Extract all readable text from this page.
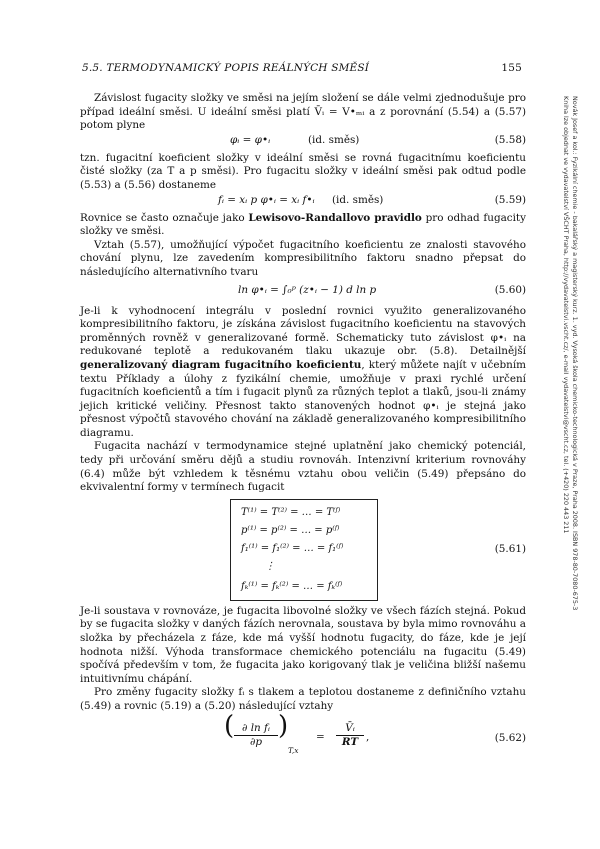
5.5. TERMODYNAMICKÝ POPIS REÁLNÝCH SMĚSÍ	155
Novák Josef a kol.: Fyzikální chemie - bakalářský a magisterský kurz. 1. vyd. Vysoká škola chemicko-technologická v Praze, Praha 2008. ISBN 978-80-7080-675-3
Kniha lze objednat ve vydavatelství VŠCHT Praha, http://vydavatelstvi.vscht.cz/, e-mail vydavatelstvi@vscht.cz, tel. (+420) 220 443 211

Závislost fugacity složky ve směsi na jejím složení se dále velmi zjednodušuje pro případ ideální směsi. U ideální směsi platí V̄ᵢ = V•ₘᵢ a z porovnání (5.54) a (5.57) potom plyne

φᵢ = φ•ᵢ	(id. směs)	(5.58)

tzn. fugacitní koeficient složky v ideální směsi se rovná fugacitnímu koeficientu čisté složky (za T a p směsi). Pro fugacitu složky v ideální směsi pak odtud podle (5.53) a (5.56) dostaneme

fᵢ = xᵢ p φ•ᵢ = xᵢ f•ᵢ (id. směs)	(5.59)

Rovnice se často označuje jako Lewisovo-Randallovo pravidlo pro odhad fugacity složky ve směsi.

Vztah (5.57), umožňující výpočet fugacitního koeficientu ze znalosti stavového chování plynu, lze zavedením kompresibilitního faktoru snadno přepsat do následujícího alternativního tvaru

ln φ•ᵢ = ∫₀ᵖ (z•ᵢ − 1) d ln p	(5.60)

Je-li k vyhodnocení integrálu v poslední rovnici využito generalizovaného kompresibilitního faktoru, je získána závislost fugacitního koeficientu na stavových proměnných rovněž v generalizované formě. Schematicky tuto závislost φ•ᵢ na redukované teplotě a redukovaném tlaku ukazuje obr. (5.8). Detailnější generalizovaný diagram fugacitního koeficientu, který můžete najít v učebním textu Příklady a úlohy z fyzikální chemie, umožňuje v praxi rychlé určení fugacitních koeficientů a tím i fugacit plynů za různých teplot a tlaků, jsou-li známy jejich kritické veličiny. Přesnost takto stanovených hodnot φ•ᵢ je stejná jako přesnost výpočtů stavového chování na základě generalizovaného kompresibilitního diagramu.

Fugacita nachází v termodynamice stejné uplatnění jako chemický potenciál, tedy při určování směru dějů a studiu rovnováh. Intenzivní kriterium rovnováhy (6.4) může být vzhledem k těsnému vztahu obou veličin (5.49) přepsáno do ekvivalentní formy v termínech fugacit

T⁽¹⁾ = T⁽²⁾ = … = T⁽ᶠ⁾
p⁽¹⁾ = p⁽²⁾ = … = p⁽ᶠ⁾
f₁⁽¹⁾ = f₁⁽²⁾ = … = f₁⁽ᶠ⁾
⋮
fₖ⁽¹⁾ = fₖ⁽²⁾ = … = fₖ⁽ᶠ⁾
(5.61)

Je-li soustava v rovnováze, je fugacita libovolné složky ve všech fázích stejná. Pokud by se fugacita složky v daných fázích nerovnala, soustava by byla mimo rovnováhu a složka by přecházela z fáze, kde má vyšší hodnotu fugacity, do fáze, kde je její hodnota nižší. Výhoda transformace chemického potenciálu na fugacitu (5.49) spočívá především v tom, že fugacita jako korigovaný tlak je veličina bližší našemu intuitivnímu chápání.

Pro změny fugacity složky fᵢ s tlakem a teplotou dostaneme z definičního vztahu (5.49) a rovnic (5.19) a (5.20) následující vztahy

( $\frac{\text{∂ ln fᵢ}}{\partial p}$ )
T,x
= $\frac{\text{V̄ᵢ}}{RT}$ ,	(5.62)
